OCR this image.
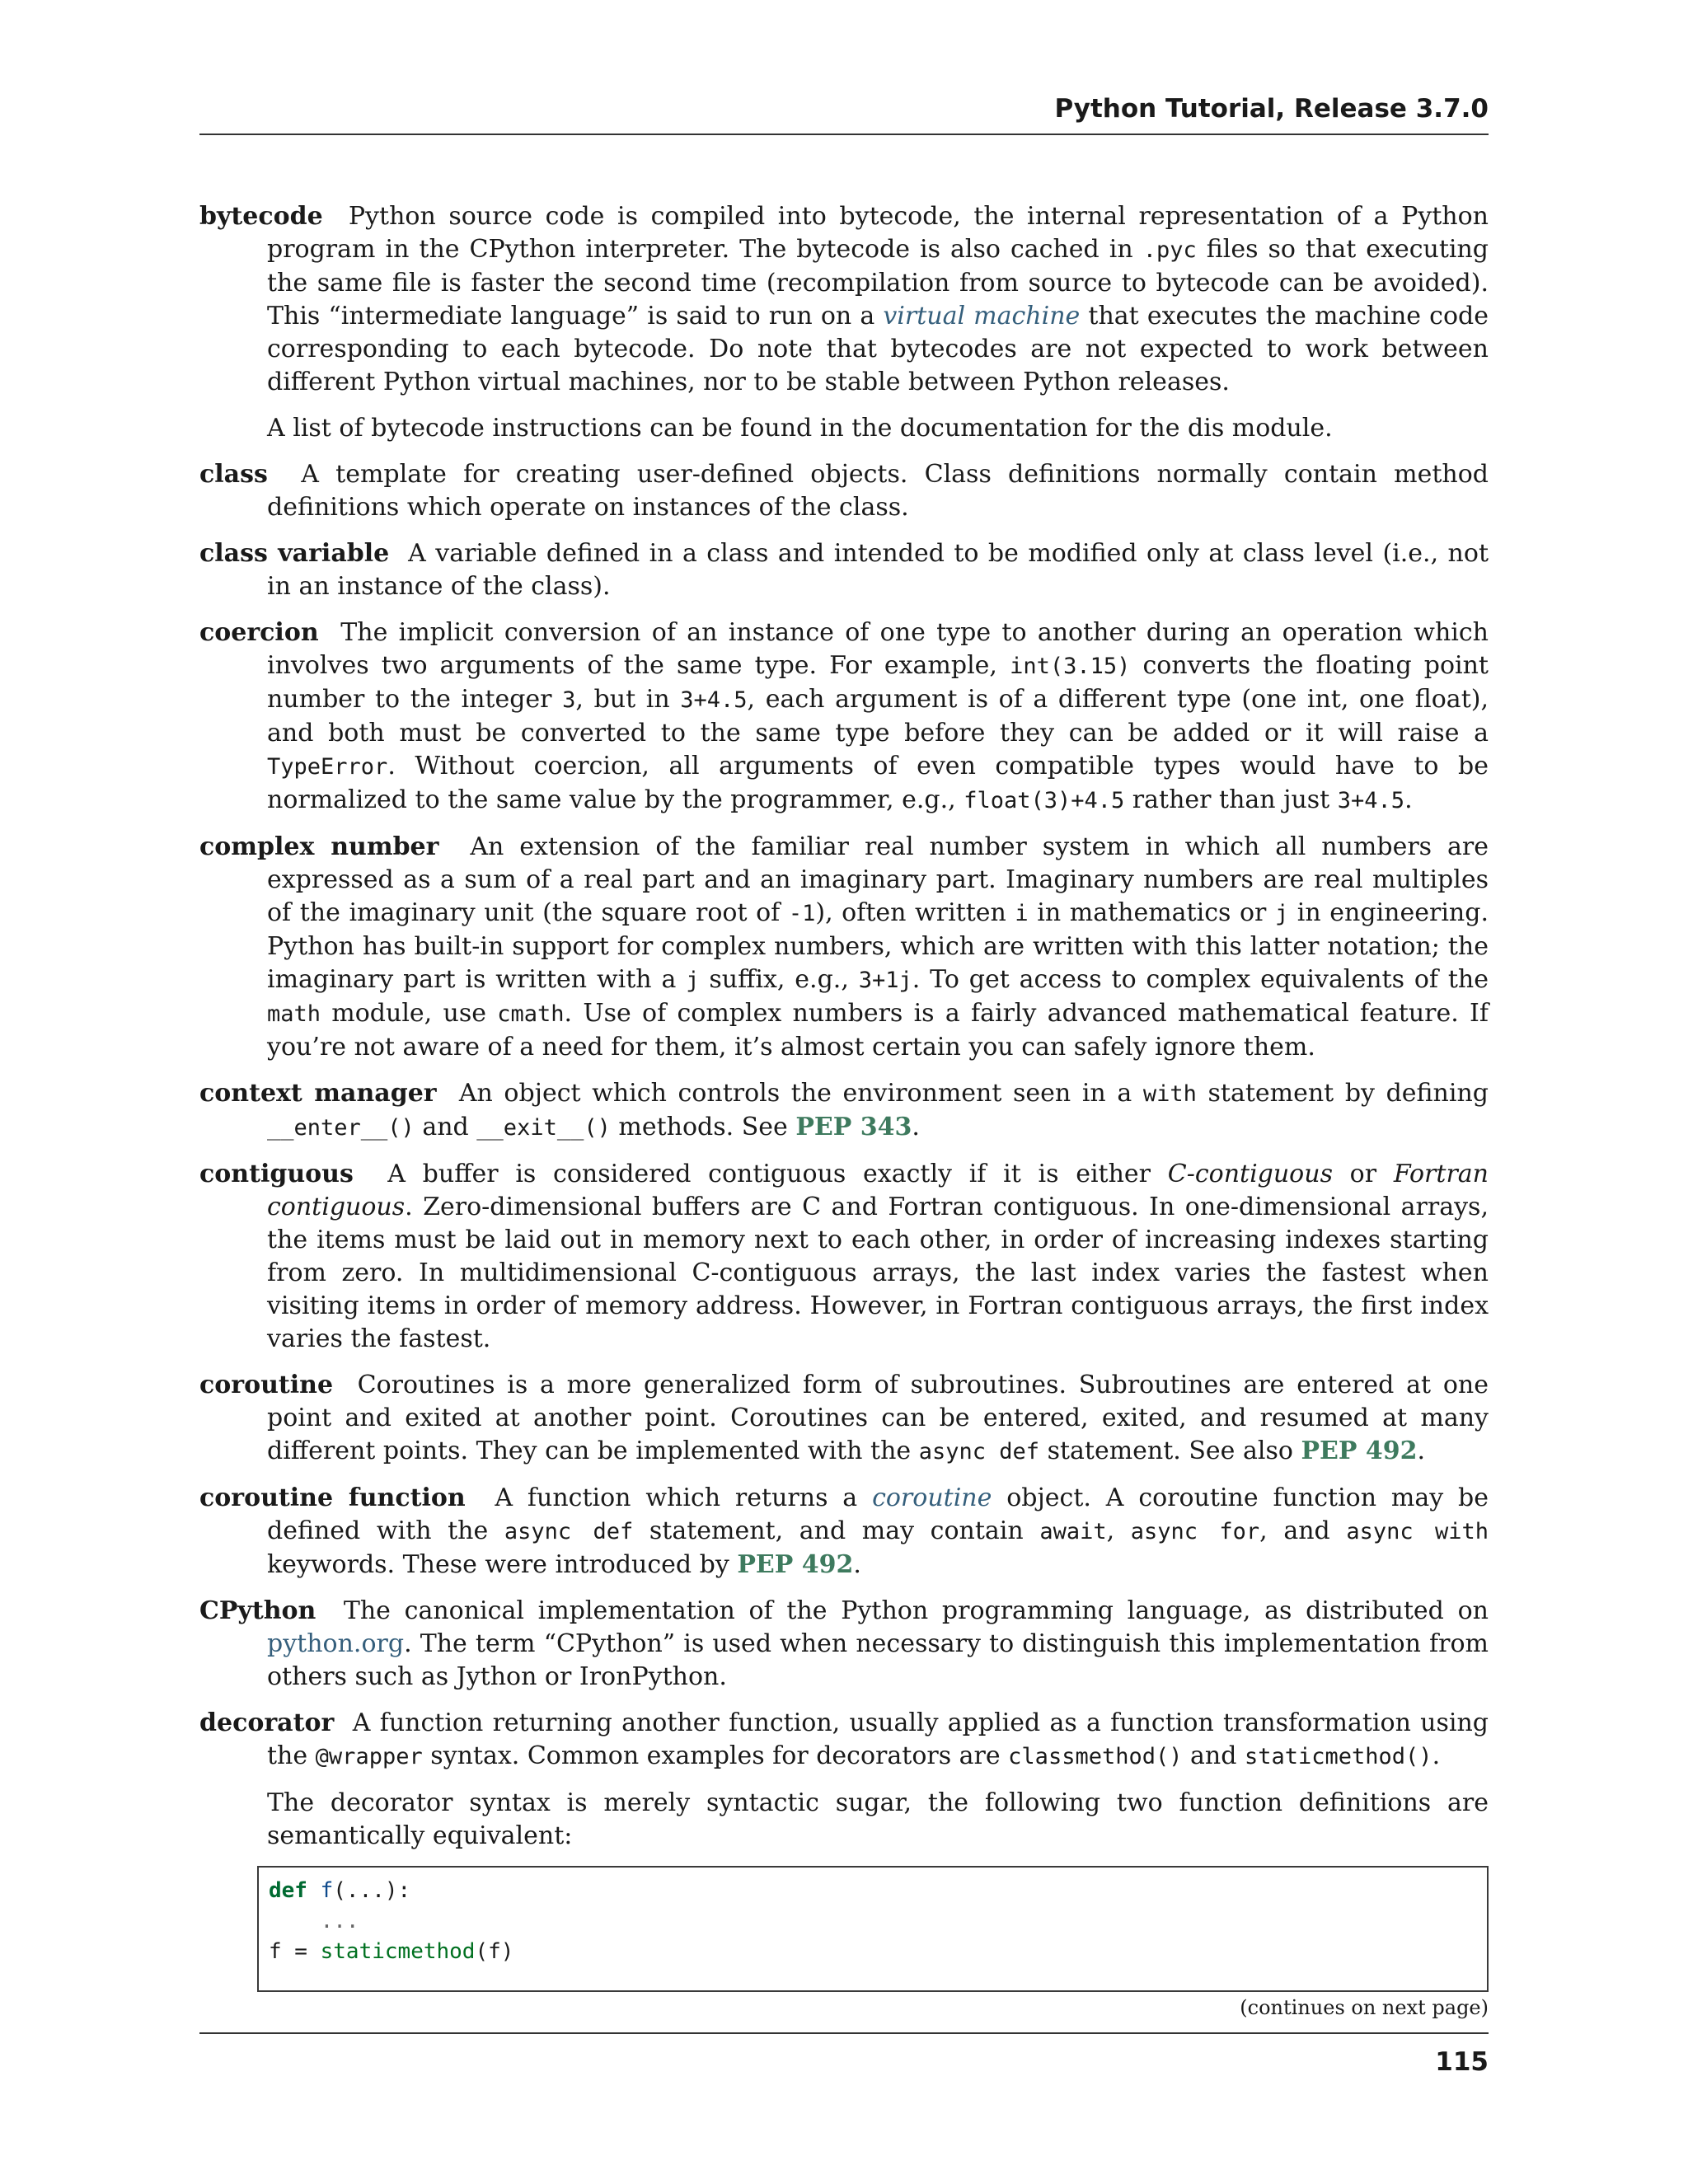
Python Tutorial, Release 3.7.0

bytecode Python source code is compiled into bytecode, the internal representation of a Python program in the CPython interpreter. The bytecode is also cached in .pyc files so that executing the same file is faster the second time (recompilation from source to bytecode can be avoided). This “intermediate language” is said to run on a virtual machine that executes the machine code corresponding to each bytecode. Do note that bytecodes are not expected to work between different Python virtual machines, nor to be stable between Python releases.

A list of bytecode instructions can be found in the documentation for the dis module.

class A template for creating user-defined objects. Class definitions normally contain method definitions which operate on instances of the class.

class variable A variable defined in a class and intended to be modified only at class level (i.e., not in an instance of the class).

coercion The implicit conversion of an instance of one type to another during an operation which involves two arguments of the same type. For example, int(3.15) converts the floating point number to the integer 3, but in 3+4.5, each argument is of a different type (one int, one float), and both must be converted to the same type before they can be added or it will raise a TypeError. Without coercion, all arguments of even compatible types would have to be normalized to the same value by the programmer, e.g., float(3)+4.5 rather than just 3+4.5.

complex number An extension of the familiar real number system in which all numbers are expressed as a sum of a real part and an imaginary part. Imaginary numbers are real multiples of the imaginary unit (the square root of -1), often written i in mathematics or j in engineering. Python has built-in support for complex numbers, which are written with this latter notation; the imaginary part is written with a j suffix, e.g., 3+1j. To get access to complex equivalents of the math module, use cmath. Use of complex numbers is a fairly advanced mathematical feature. If you’re not aware of a need for them, it’s almost certain you can safely ignore them.

context manager An object which controls the environment seen in a with statement by defining __enter__() and __exit__() methods. See PEP 343.

contiguous A buffer is considered contiguous exactly if it is either C-contiguous or Fortran contiguous. Zero-dimensional buffers are C and Fortran contiguous. In one-dimensional arrays, the items must be laid out in memory next to each other, in order of increasing indexes starting from zero. In multidimensional C-contiguous arrays, the last index varies the fastest when visiting items in order of memory address. However, in Fortran contiguous arrays, the first index varies the fastest.

coroutine Coroutines is a more generalized form of subroutines. Subroutines are entered at one point and exited at another point. Coroutines can be entered, exited, and resumed at many different points. They can be implemented with the async def statement. See also PEP 492.

coroutine function A function which returns a coroutine object. A coroutine function may be defined with the async def statement, and may contain await, async for, and async with keywords. These were introduced by PEP 492.

CPython The canonical implementation of the Python programming language, as distributed on python.org. The term “CPython” is used when necessary to distinguish this implementation from others such as Jython or IronPython.

decorator A function returning another function, usually applied as a function transformation using the @wrapper syntax. Common examples for decorators are classmethod() and staticmethod().

The decorator syntax is merely syntactic sugar, the following two function definitions are semantically equivalent:

def f(...):
...
f = staticmethod(f)
(continues on next page)
115
